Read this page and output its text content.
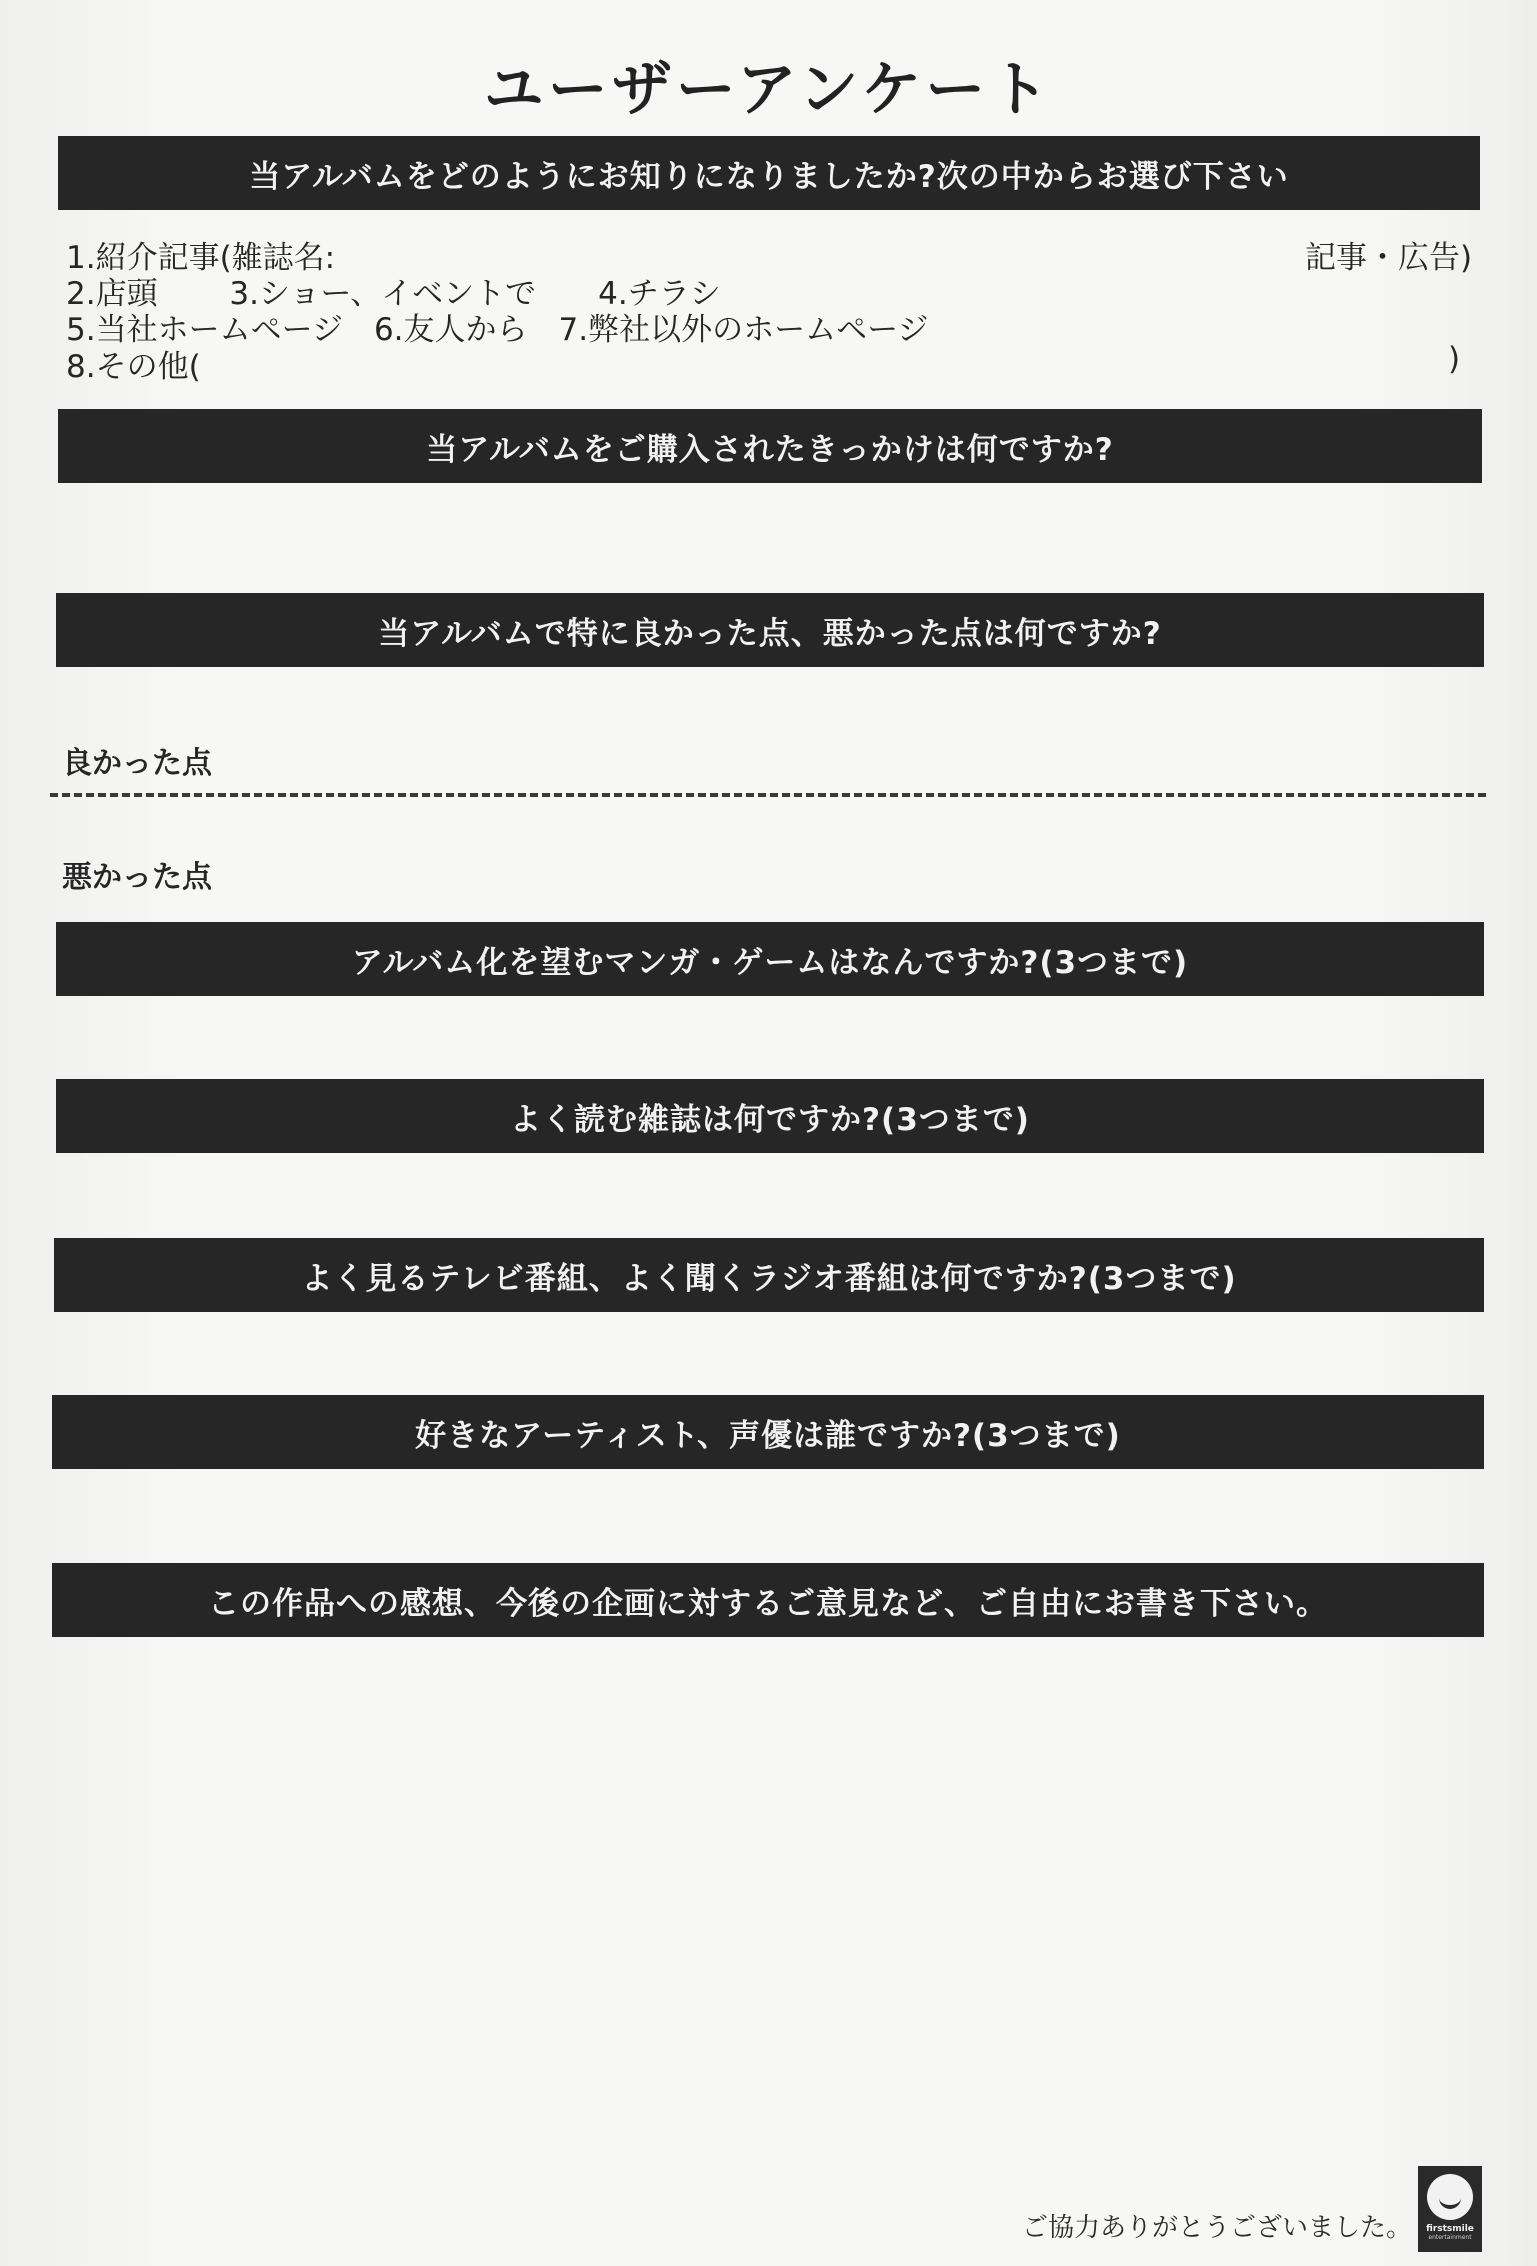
ユーザーアンケート
当アルバムをどのようにお知りになりましたか?次の中からお選び下さい
1.紹介記事(雑誌名:	記事・広告)
2.店頭　　 3.ショー、イベントで　　4.チラシ
5.当社ホームページ　6.友人から　7.弊社以外のホームページ
8.その他(	)
当アルバムをご購入されたきっかけは何ですか?
当アルバムで特に良かった点、悪かった点は何ですか?
良かった点
悪かった点
アルバム化を望むマンガ・ゲームはなんですか?(3つまで)
よく読む雑誌は何ですか?(3つまで)
よく見るテレビ番組、よく聞くラジオ番組は何ですか?(3つまで)
好きなアーティスト、声優は誰ですか?(3つまで)
この作品への感想、今後の企画に対するご意見など、ご自由にお書き下さい。
ご協力ありがとうございました。 firstsmile
entertainment
